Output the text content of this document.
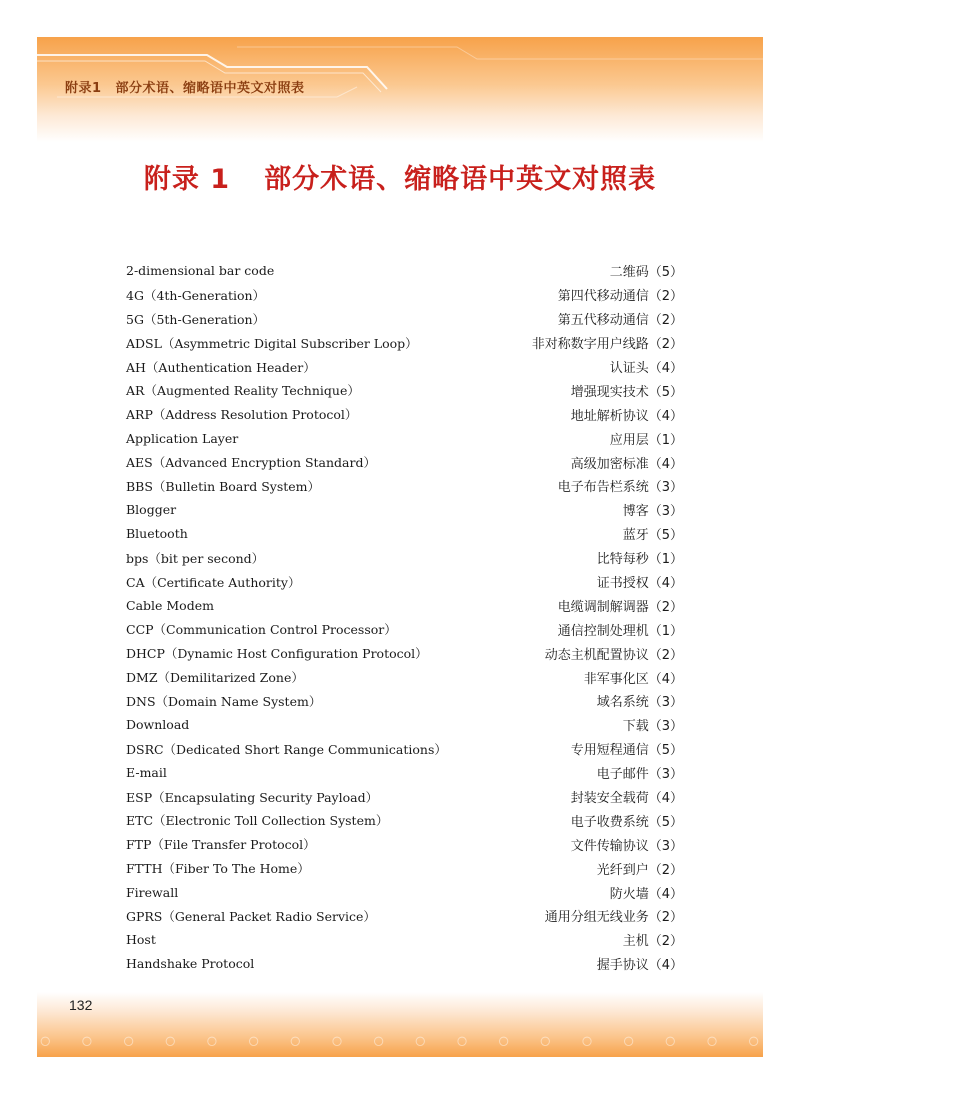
附录1 部分术语、缩略语中英文对照表
附录 1 部分术语、缩略语中英文对照表
2-dimensional bar code	二维码（5）
4G（4th-Generation）	第四代移动通信（2）
5G（5th-Generation）	第五代移动通信（2）
ADSL（Asymmetric Digital Subscriber Loop）	非对称数字用户线路（2）
AH（Authentication Header）	认证头（4）
AR（Augmented Reality Technique）	增强现实技术（5）
ARP（Address Resolution Protocol）	地址解析协议（4）
Application Layer	应用层（1）
AES（Advanced Encryption Standard）	高级加密标准（4）
BBS（Bulletin Board System）	电子布告栏系统（3）
Blogger	博客（3）
Bluetooth	蓝牙（5）
bps（bit per second）	比特每秒（1）
CA（Certificate Authority）	证书授权（4）
Cable Modem	电缆调制解调器（2）
CCP（Communication Control Processor）	通信控制处理机（1）
DHCP（Dynamic Host Configuration Protocol）	动态主机配置协议（2）
DMZ（Demilitarized Zone）	非军事化区（4）
DNS（Domain Name System）	域名系统（3）
Download	下载（3）
DSRC（Dedicated Short Range Communications）	专用短程通信（5）
E-mail	电子邮件（3）
ESP（Encapsulating Security Payload）	封装安全载荷（4）
ETC（Electronic Toll Collection System）	电子收费系统（5）
FTP（File Transfer Protocol）	文件传输协议（3）
FTTH（Fiber To The Home）	光纤到户（2）
Firewall	防火墙（4）
GPRS（General Packet Radio Service）	通用分组无线业务（2）
Host	主机（2）
Handshake Protocol	握手协议（4）
◦ ◦ ◦ ◦ ◦ ◦ ◦ ◦ ◦ ◦ ◦ ◦ ◦ ◦ ◦ ◦ ◦ ◦ ◦ ◦ ◦ ◦ ◦
132
